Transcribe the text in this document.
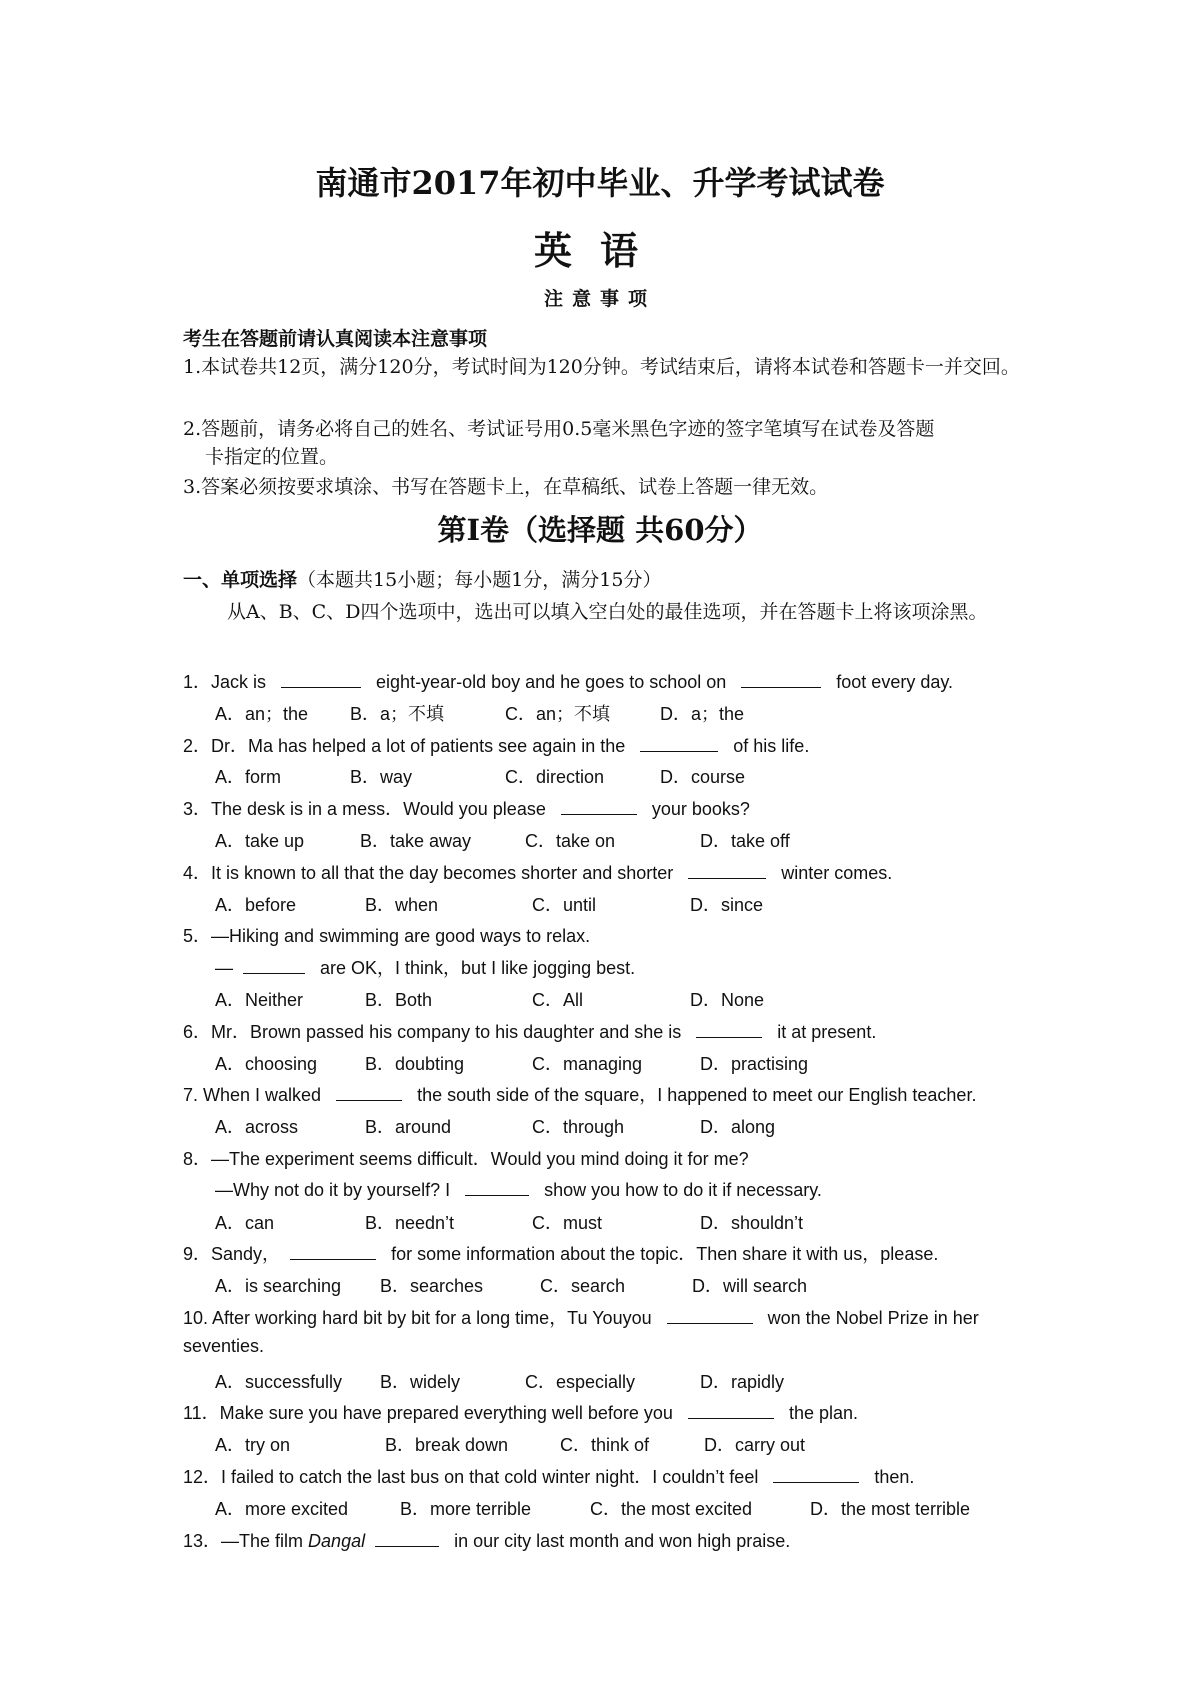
南通市2017年初中毕业、升学考试试卷
英语
注意事项
考生在答题前请认真阅读本注意事项
1.本试卷共12页，满分120分，考试时间为120分钟。考试结束后，请将本试卷和答题卡一并交回。
2.答题前，请务必将自己的姓名、考试证号用0.5毫米黑色字迹的签字笔填写在试卷及答题
卡指定的位置。
3.答案必须按要求填涂、书写在答题卡上，在草稿纸、试卷上答题一律无效。
第Ⅰ卷（选择题 共60分）
一、单项选择（本题共15小题；每小题1分，满分15分）
从A、B、C、D四个选项中，选出可以填入空白处的最佳选项，并在答题卡上将该项涂黑。
1．Jack is	eight-year-old boy and he goes to school on	foot every day.
A．an；the B．a；不填	C．an；不填	D．a；the
2．Dr．Ma has helped a lot of patients see again in the	of his life.
A．form	B．way	C．direction	D．course
3．The desk is in a mess．Would you please	your books?
A．take up	B．take away	C．take on	D．take off
4．It is known to all that the day becomes shorter and shorter	winter comes.
A．before	B．when	C．until	D．since
5．—Hiking and swimming are good ways to relax.
—	are OK，I think，but I like jogging best.
A．Neither	B．Both	C．All	D．None
6．Mr．Brown passed his company to his daughter and she is	it at present.
A．choosing	B．doubting	C．managing	D．practising
7. When I walked	the south side of the square，I happened to meet our English teacher.
A．across	B．around	C．through	D．along
8．—The experiment seems difficult．Would you mind doing it for me?
—Why not do it by yourself? I	show you how to do it if necessary.
A．can	B．needn’t	C．must	D．shouldn’t
9．Sandy，	for some information about the topic．Then share it with us，please.
A．is searching B．searches	C．search	D．will search
10. After working hard bit by bit for a long time，Tu Youyou	won the Nobel Prize in her
seventies.
A．successfully B．widely	C．especially	D．rapidly
11．Make sure you have prepared everything well before you	the plan.
A．try on	B．break down	C．think of	D．carry out
12．I failed to catch the last bus on that cold winter night．I couldn’t feel	then.
A．more excited	B．more terrible	C．the most excited	D．the most terrible
13．—The film Dangal	in our city last month and won high praise.
